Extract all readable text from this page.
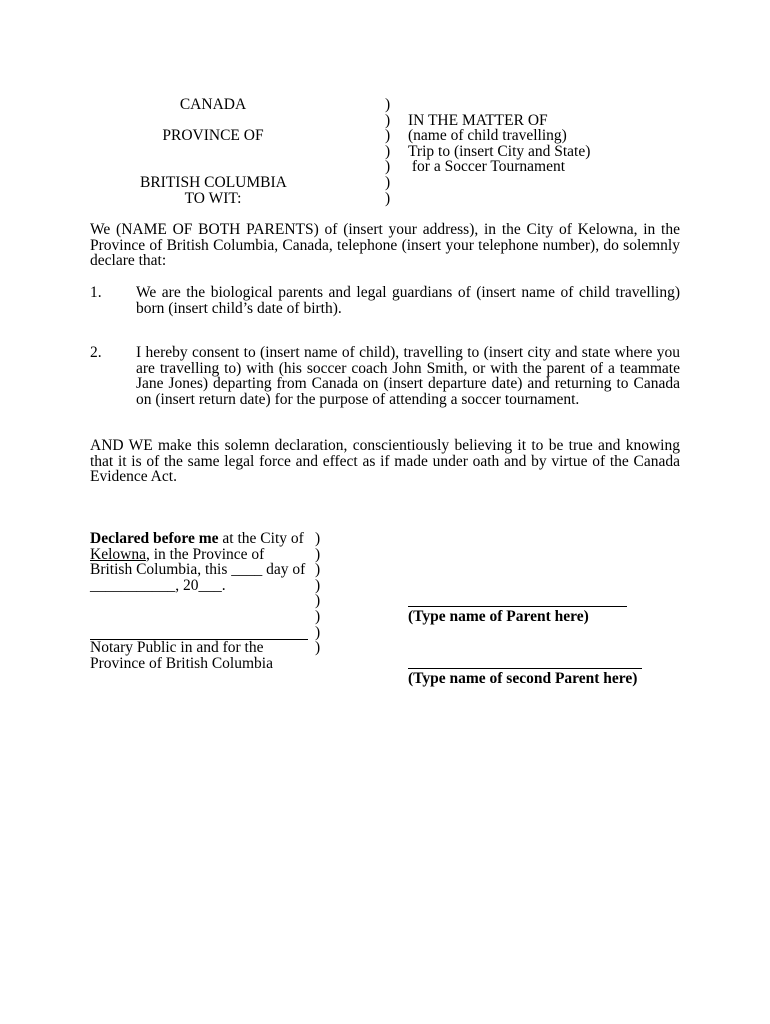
CANADA
PROVINCE OF
BRITISH COLUMBIA
TO WIT:
)
)
)
)
)
)
)
IN THE MATTER OF
(name of child travelling)
Trip to (insert City and State)
for a Soccer Tournament
We (NAME OF BOTH PARENTS) of (insert your address), in the City of Kelowna, in the Province of British Columbia, Canada, telephone (insert your telephone number), do solemnly declare that:
1. We are the biological parents and legal guardians of (insert name of child travelling) born (insert child’s date of birth).
2. I hereby consent to (insert name of child), travelling to (insert city and state where you are travelling to) with (his soccer coach John Smith, or with the parent of a teammate Jane Jones) departing from Canada on (insert departure date) and returning to Canada on (insert return date) for the purpose of attending a soccer tournament.
AND WE make this solemn declaration, conscientiously believing it to be true and knowing that it is of the same legal force and effect as if made under oath and by virtue of the Canada Evidence Act.
Declared before me at the City of
Kelowna, in the Province of
British Columbia, this ____ day of
___________, 20___.
Notary Public in and for the
Province of British Columbia
)
)
)
)
)
)
)
)
(Type name of Parent here)
(Type name of second Parent here)
